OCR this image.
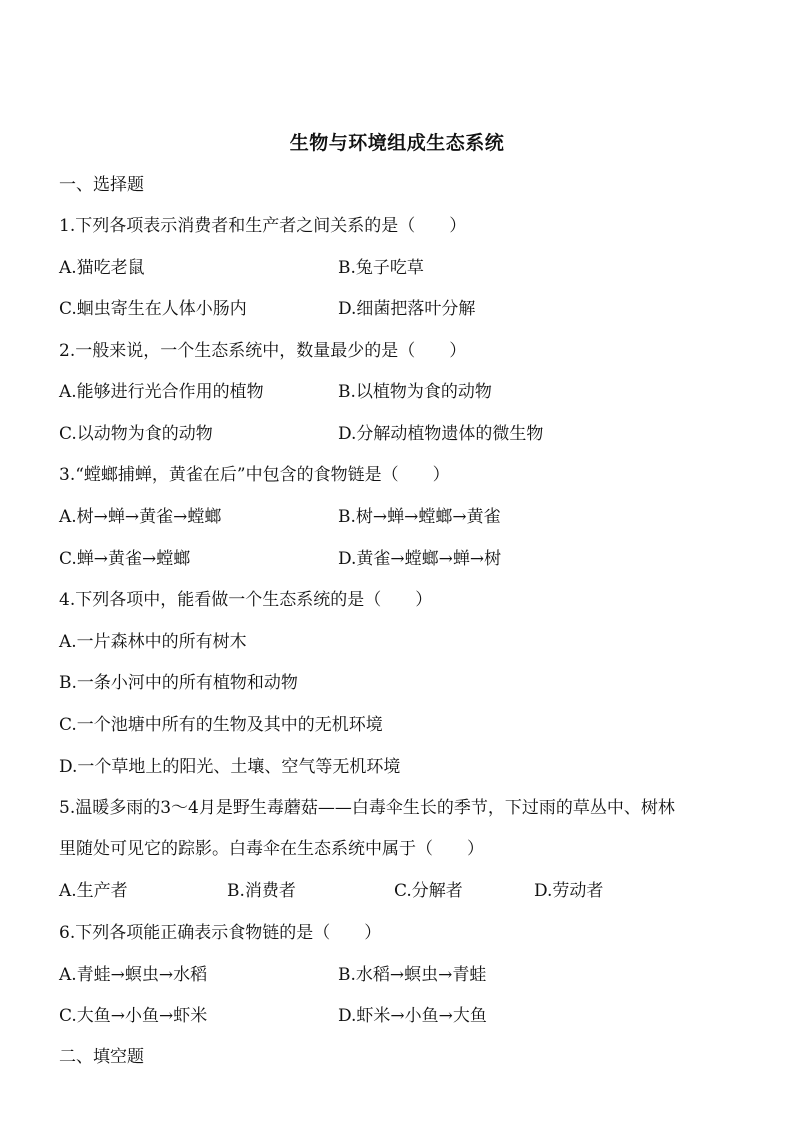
生物与环境组成生态系统
一、选择题
1.下列各项表示消费者和生产者之间关系的是（　　）
A.猫吃老鼠	B.兔子吃草
C.蛔虫寄生在人体小肠内	D.细菌把落叶分解
2.一般来说，一个生态系统中，数量最少的是（　　）
A.能够进行光合作用的植物	B.以植物为食的动物
C.以动物为食的动物	D.分解动植物遗体的微生物
3.“螳螂捕蝉，黄雀在后”中包含的食物链是（　　）
A.树→蝉→黄雀→螳螂	B.树→蝉→螳螂→黄雀
C.蝉→黄雀→螳螂	D.黄雀→螳螂→蝉→树
4.下列各项中，能看做一个生态系统的是（　　）
A.一片森林中的所有树木
B.一条小河中的所有植物和动物
C.一个池塘中所有的生物及其中的无机环境
D.一个草地上的阳光、土壤、空气等无机环境
5.温暖多雨的3～4月是野生毒蘑菇——白毒伞生长的季节，下过雨的草丛中、树林
里随处可见它的踪影。白毒伞在生态系统中属于（　　）
A.生产者	B.消费者	C.分解者	D.劳动者
6.下列各项能正确表示食物链的是（　　）
A.青蛙→螟虫→水稻	B.水稻→螟虫→青蛙
C.大鱼→小鱼→虾米	D.虾米→小鱼→大鱼
二、填空题
